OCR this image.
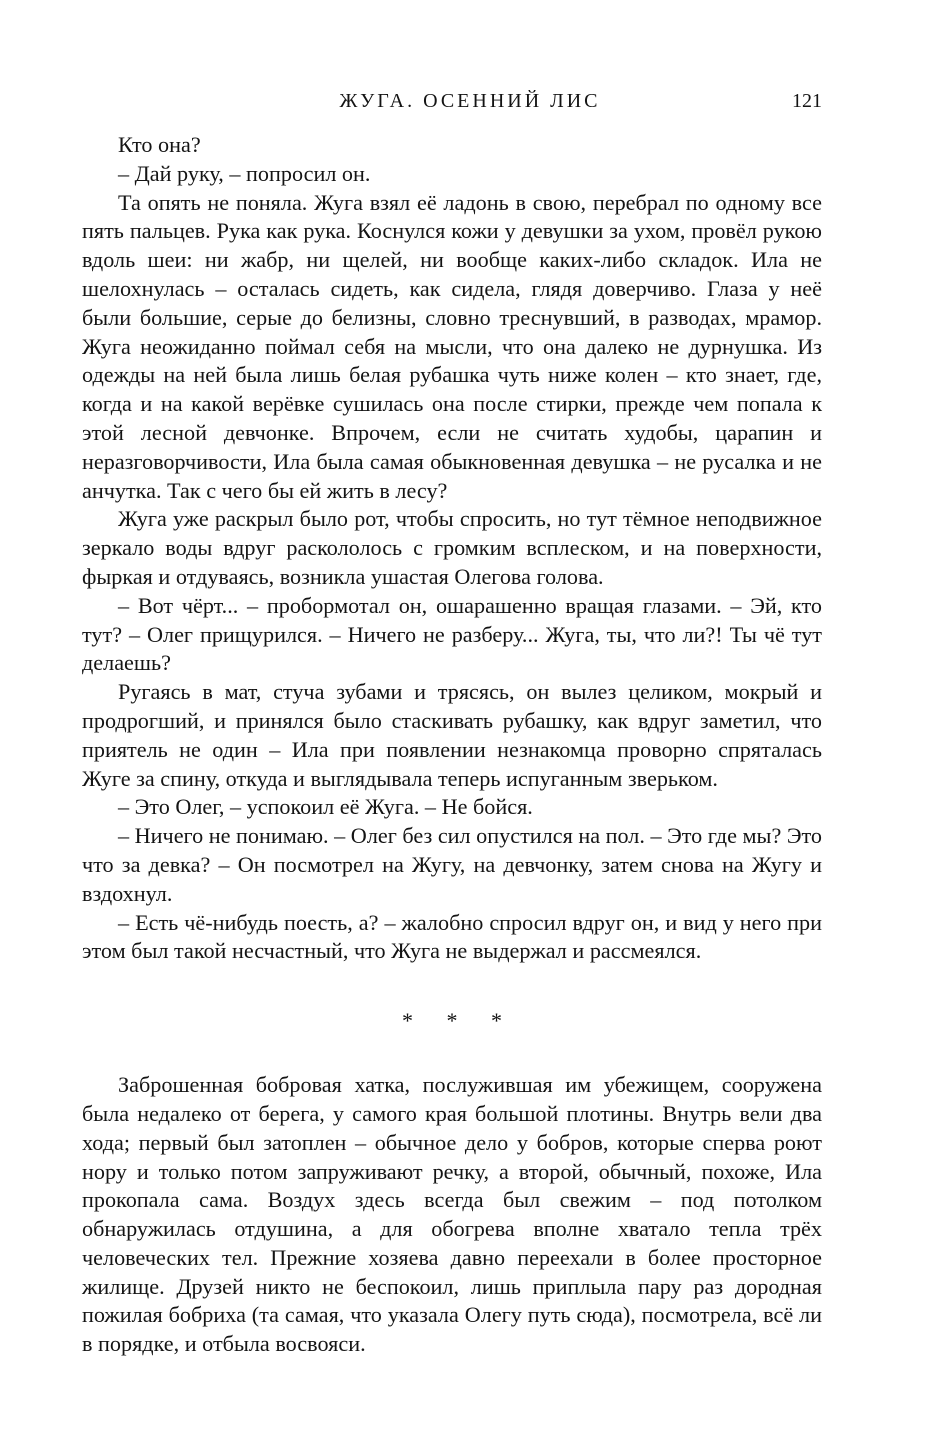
ЖУГА. ОСЕННИЙ ЛИС	121

Кто она?

– Дай руку, – попросил он.

Та опять не поняла. Жуга взял её ладонь в свою, перебрал по одному все пять пальцев. Рука как рука. Коснулся кожи у девушки за ухом, провёл рукою вдоль шеи: ни жабр, ни щелей, ни вообще каких-либо складок. Ила не шелохнулась – осталась сидеть, как сидела, глядя доверчиво. Глаза у неё были большие, серые до белизны, словно треснувший, в разводах, мрамор. Жуга неожиданно поймал себя на мысли, что она далеко не дурнушка. Из одежды на ней была лишь белая рубашка чуть ниже колен – кто знает, где, когда и на какой верёвке сушилась она после стирки, прежде чем попала к этой лесной девчонке. Впрочем, если не считать худобы, царапин и неразговорчивости, Ила была самая обыкновенная девушка – не русалка и не анчутка. Так с чего бы ей жить в лесу?

Жуга уже раскрыл было рот, чтобы спросить, но тут тёмное неподвижное зеркало воды вдруг раскололось с громким всплеском, и на поверхности, фыркая и отдуваясь, возникла ушастая Олегова голова.

– Вот чёрт... – пробормотал он, ошарашенно вращая глазами. – Эй, кто тут? – Олег прищурился. – Ничего не разберу... Жуга, ты, что ли?! Ты чё тут делаешь?

Ругаясь в мат, стуча зубами и трясясь, он вылез целиком, мокрый и продрогший, и принялся было стаскивать рубашку, как вдруг заметил, что приятель не один – Ила при появлении незнакомца проворно спряталась Жуге за спину, откуда и выглядывала теперь испуганным зверьком.

– Это Олег, – успокоил её Жуга. – Не бойся.

– Ничего не понимаю. – Олег без сил опустился на пол. – Это где мы? Это что за девка? – Он посмотрел на Жугу, на девчонку, затем снова на Жугу и вздохнул.

– Есть чё-нибудь поесть, а? – жалобно спросил вдруг он, и вид у него при этом был такой несчастный, что Жуга не выдержал и рассмеялся.

* * *

Заброшенная бобровая хатка, послужившая им убежищем, сооружена была недалеко от берега, у самого края большой плотины. Внутрь вели два хода; первый был затоплен – обычное дело у бобров, которые сперва роют нору и только потом запруживают речку, а второй, обычный, похоже, Ила прокопала сама. Воздух здесь всегда был свежим – под потолком обнаружилась отдушина, а для обогрева вполне хватало тепла трёх человеческих тел. Прежние хозяева давно переехали в более просторное жилище. Друзей никто не беспокоил, лишь приплыла пару раз дородная пожилая бобриха (та самая, что указала Олегу путь сюда), посмотрела, всё ли в порядке, и отбыла восвояси.
